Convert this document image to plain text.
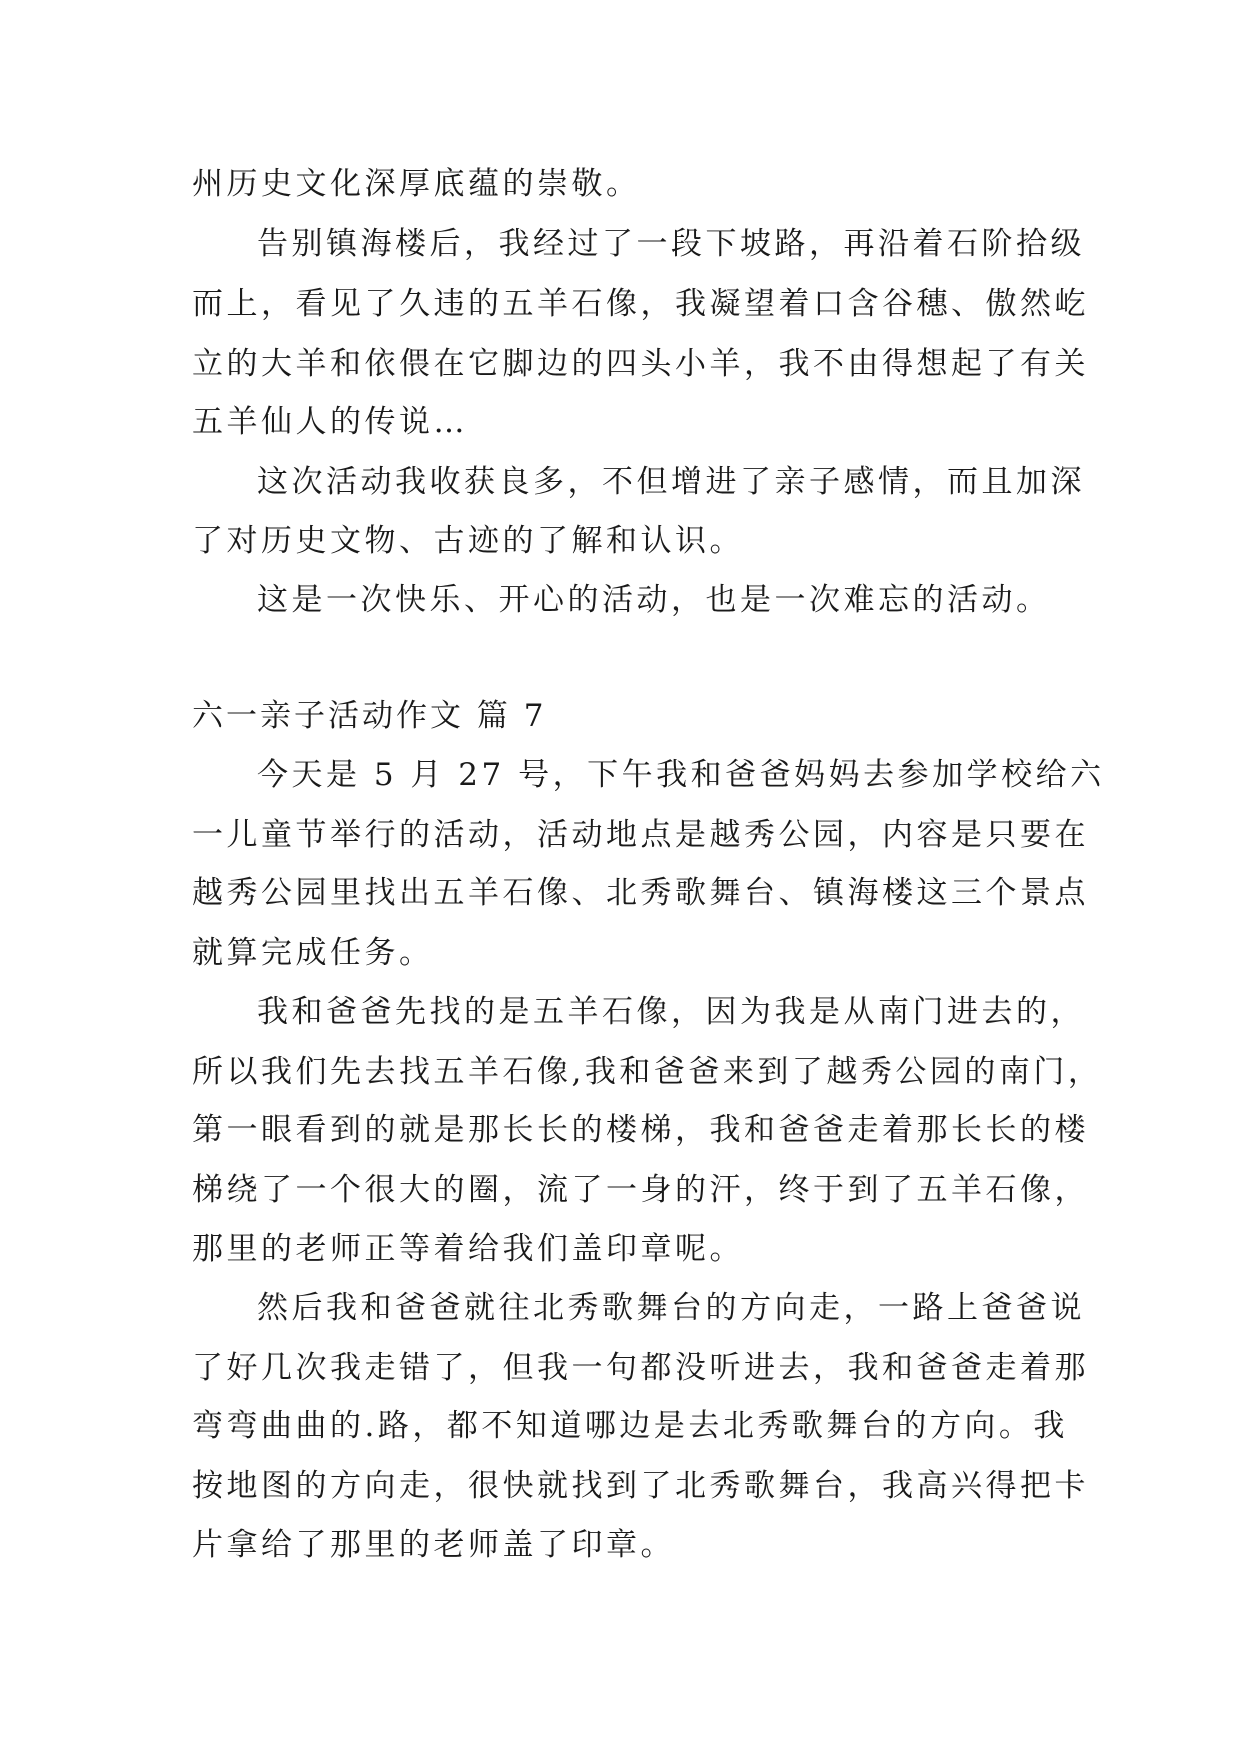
州历史文化深厚底蕴的崇敬。
告别镇海楼后，我经过了一段下坡路，再沿着石阶拾级
而上，看见了久违的五羊石像，我凝望着口含谷穗、傲然屹
立的大羊和依偎在它脚边的四头小羊，我不由得想起了有关
五羊仙人的传说…
这次活动我收获良多，不但增进了亲子感情，而且加深
了对历史文物、古迹的了解和认识。
这是一次快乐、开心的活动，也是一次难忘的活动。
六一亲子活动作文 篇 7
今天是 5 月 27 号，下午我和爸爸妈妈去参加学校给六
一儿童节举行的活动，活动地点是越秀公园，内容是只要在
越秀公园里找出五羊石像、北秀歌舞台、镇海楼这三个景点
就算完成任务。
我和爸爸先找的是五羊石像，因为我是从南门进去的，
所以我们先去找五羊石像,我和爸爸来到了越秀公园的南门，
第一眼看到的就是那长长的楼梯，我和爸爸走着那长长的楼
梯绕了一个很大的圈，流了一身的汗，终于到了五羊石像，
那里的老师正等着给我们盖印章呢。
然后我和爸爸就往北秀歌舞台的方向走，一路上爸爸说
了好几次我走错了，但我一句都没听进去，我和爸爸走着那
弯弯曲曲的.路，都不知道哪边是去北秀歌舞台的方向。我
按地图的方向走，很快就找到了北秀歌舞台，我高兴得把卡
片拿给了那里的老师盖了印章。
